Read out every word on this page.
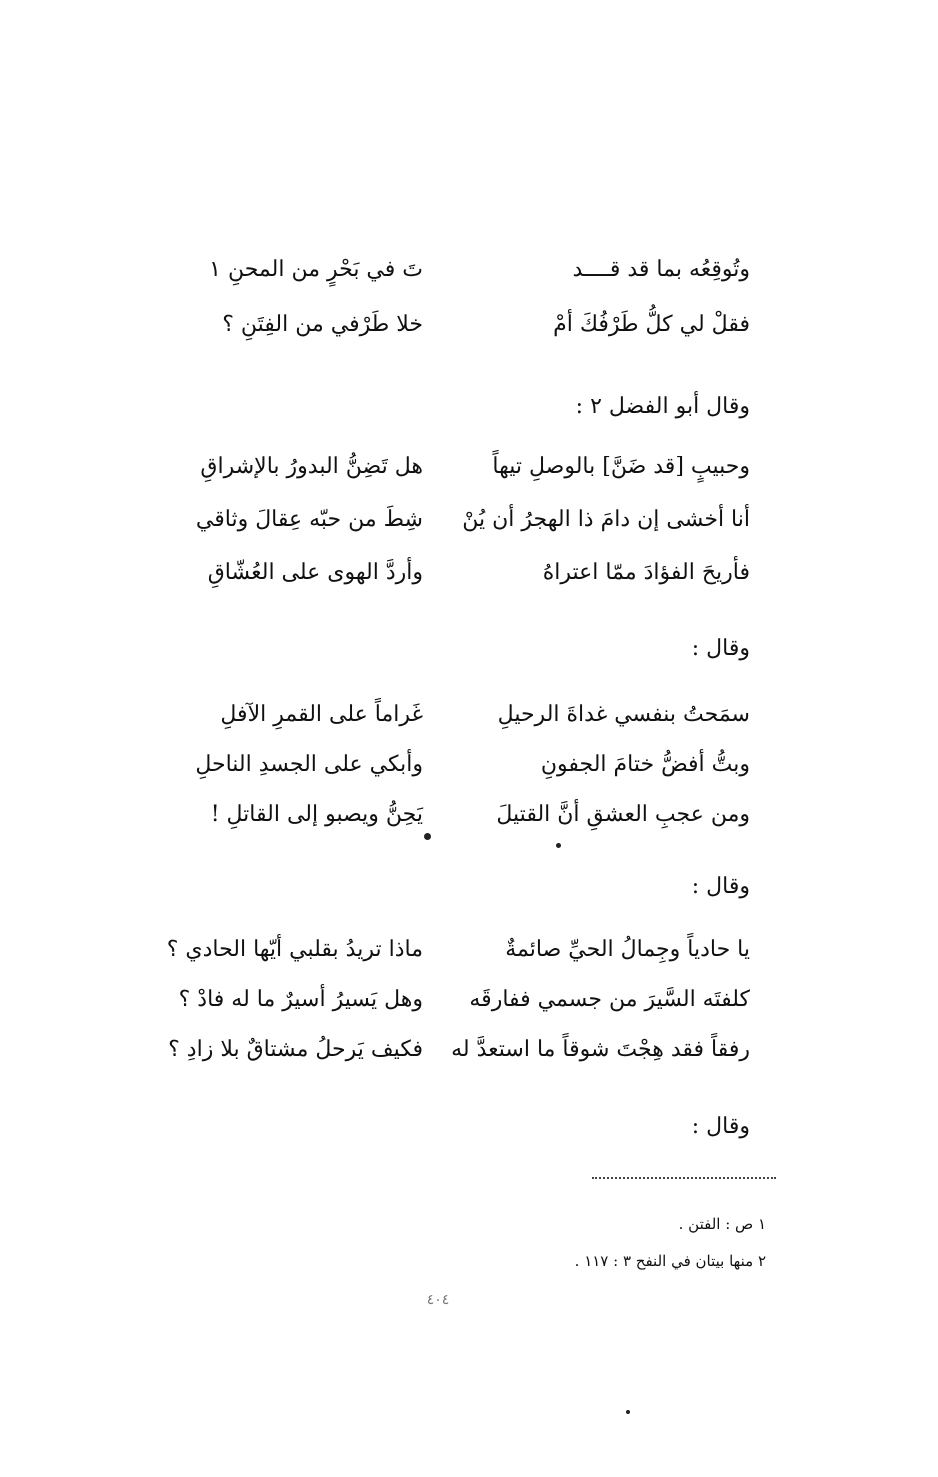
وتُوقِعُه بما قد قــــد
تَ في بَحْرٍ من المحنِ ١
فقلْ لي كلُّ طَرْفُكَ أمْ
خلا طَرْفي من الفِتَنِ ؟
وقال أبو الفضل ٢ :
وحبيبٍ [قد ضَنَّ] بالوصلِ تيهاً
هل تَضِنُّ البدورُ بالإشراقِ
أنا أخشى إن دامَ ذا الهجرُ أن يُنْ
شِطَ من حبّه عِقالَ وثاقي
فأريحَ الفؤادَ ممّا اعتراهُ
وأردَّ الهوى على العُشّاقِ
وقال :
سمَحتُ بنفسي غداةَ الرحيلِ
غَراماً على القمرِ الآفلِ
وبتُّ أفضُّ ختامَ الجفونِ
وأبكي على الجسدِ الناحلِ
ومن عجبِ العشقِ أنَّ القتيلَ
يَحِنُّ ويصبو إلى القاتلِ !
وقال :
يا حادياً وجِمالُ الحيِّ صائمةٌ
ماذا تريدُ بقلبي أيّها الحادي ؟
كلفتَه السَّيرَ من جسمي ففارقَه
وهل يَسيرُ أسيرٌ ما له فادْ ؟
رفقاً فقد هِجْتَ شوقاً ما استعدَّ له
فكيف يَرحلُ مشتاقٌ بلا زادِ ؟
وقال :
١ ص : الفتن .
٢ منها بيتان في النفح ٣ : ١١٧ .
٤٠٤
